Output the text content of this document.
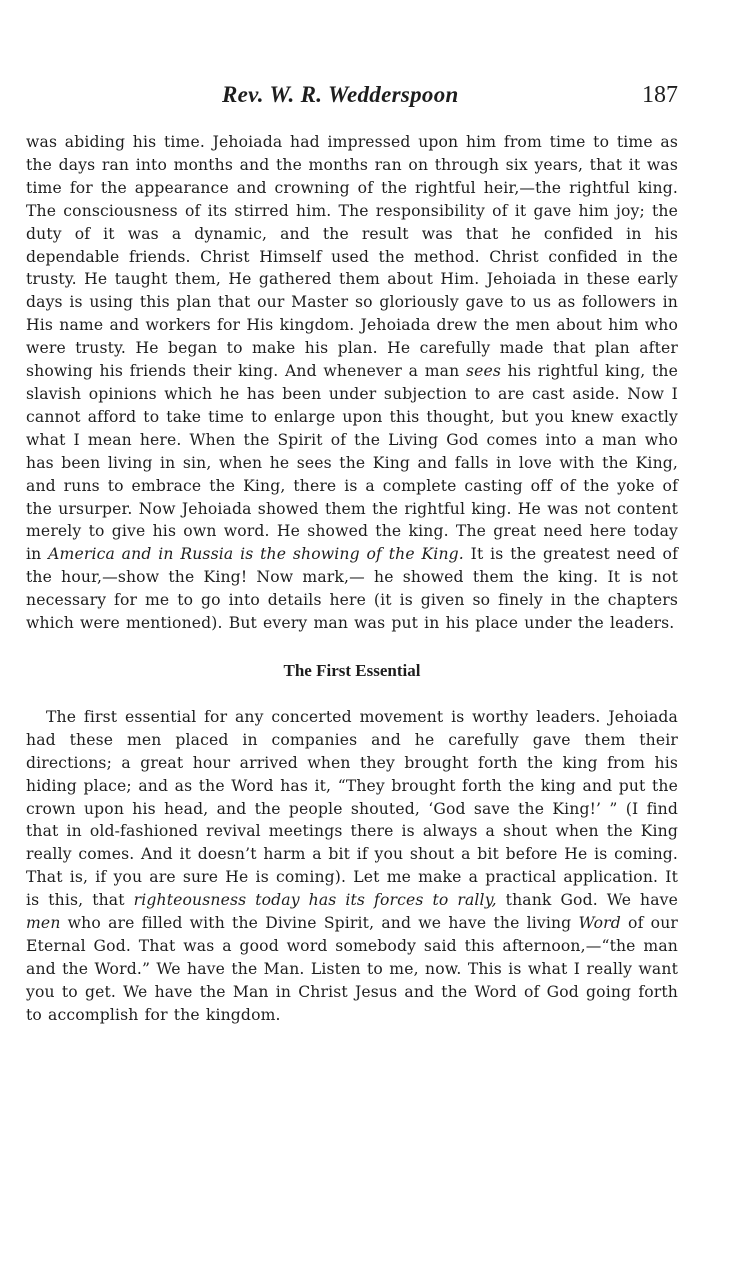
Rev. W. R. Wedderspoon	187

was abiding his time. Jehoiada had impressed upon him from time to time as the days ran into months and the months ran on through six years, that it was time for the appearance and crowning of the rightful heir,—the rightful king. The consciousness of its stirred him. The responsibility of it gave him joy; the duty of it was a dynamic, and the result was that he confided in his dependable friends. Christ Himself used the method. Christ confided in the trusty. He taught them, He gathered them about Him. Jehoiada in these early days is using this plan that our Master so gloriously gave to us as followers in His name and workers for His kingdom. Jehoiada drew the men about him who were trusty. He began to make his plan. He carefully made that plan after showing his friends their king. And whenever a man sees his rightful king, the slavish opinions which he has been under subjection to are cast aside. Now I cannot afford to take time to enlarge upon this thought, but you knew exactly what I mean here. When the Spirit of the Living God comes into a man who has been living in sin, when he sees the King and falls in love with the King, and runs to embrace the King, there is a complete casting off of the yoke of the ursurper. Now Jehoiada showed them the rightful king. He was not content merely to give his own word. He showed the king. The great need here today in America and in Russia is the showing of the King. It is the greatest need of the hour,—show the King! Now mark,— he showed them the king. It is not necessary for me to go into details here (it is given so finely in the chapters which were mentioned). But every man was put in his place under the leaders.

The First Essential

The first essential for any concerted movement is worthy leaders. Jehoiada had these men placed in companies and he carefully gave them their directions; a great hour arrived when they brought forth the king from his hiding place; and as the Word has it, “They brought forth the king and put the crown upon his head, and the people shouted, ‘God save the King!’ ” (I find that in old-fashioned revival meetings there is always a shout when the King really comes. And it doesn’t harm a bit if you shout a bit before He is coming. That is, if you are sure He is coming). Let me make a practical application. It is this, that righteousness today has its forces to rally, thank God. We have men who are filled with the Divine Spirit, and we have the living Word of our Eternal God. That was a good word somebody said this afternoon,—“the man and the Word.” We have the Man. Listen to me, now. This is what I really want you to get. We have the Man in Christ Jesus and the Word of God going forth to accomplish for the kingdom.
